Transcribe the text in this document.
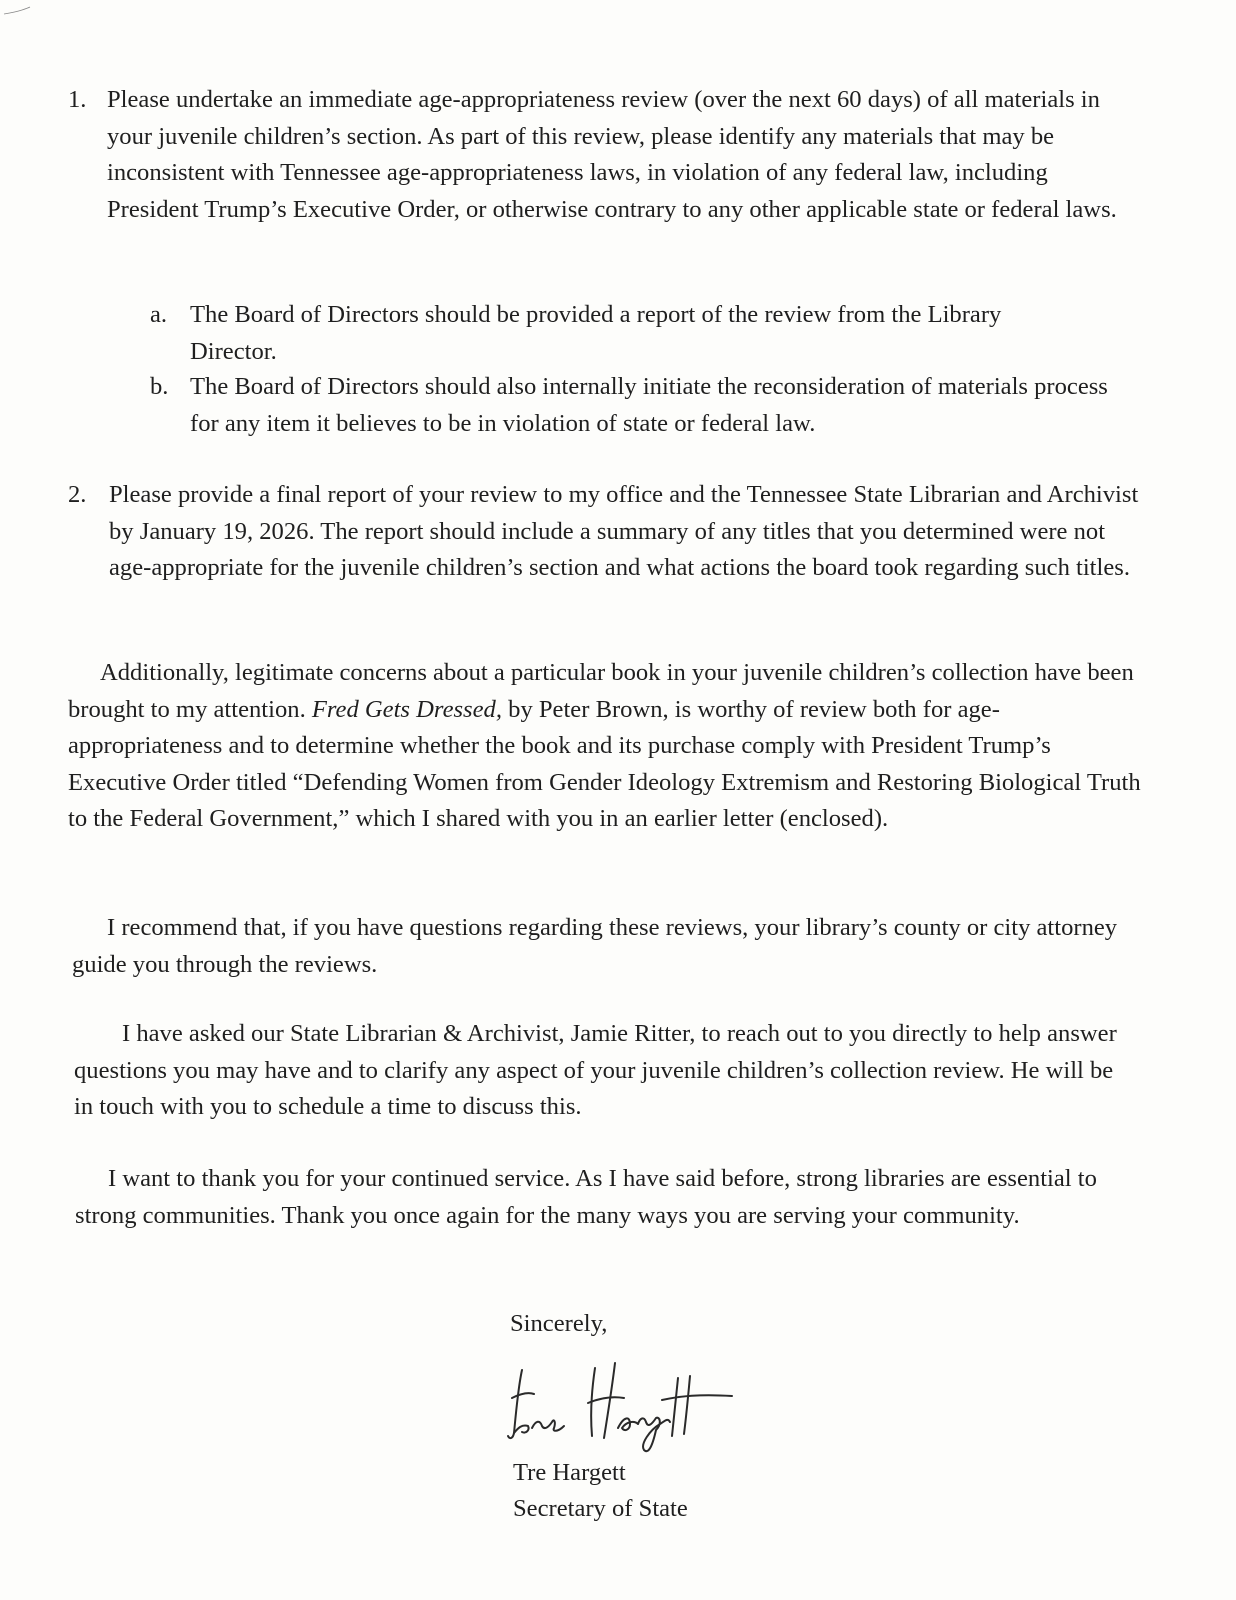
1. Please undertake an immediate age-appropriateness review (over the next 60 days) of all materials in your juvenile children’s section. As part of this review, please identify any materials that may be inconsistent with Tennessee age-appropriateness laws, in violation of any federal law, including President Trump’s Executive Order, or otherwise contrary to any other applicable state or federal laws.

a. The Board of Directors should be provided a report of the review from the Library Director.

b. The Board of Directors should also internally initiate the reconsideration of materials process for any item it believes to be in violation of state or federal law.

2. Please provide a final report of your review to my office and the Tennessee State Librarian and Archivist by January 19, 2026. The report should include a summary of any titles that you determined were not age-appropriate for the juvenile children’s section and what actions the board took regarding such titles.

Additionally, legitimate concerns about a particular book in your juvenile children’s collection have been brought to my attention. Fred Gets Dressed, by Peter Brown, is worthy of review both for age-appropriateness and to determine whether the book and its purchase comply with President Trump’s Executive Order titled “Defending Women from Gender Ideology Extremism and Restoring Biological Truth to the Federal Government,” which I shared with you in an earlier letter (enclosed).

I recommend that, if you have questions regarding these reviews, your library’s county or city attorney guide you through the reviews.

I have asked our State Librarian & Archivist, Jamie Ritter, to reach out to you directly to help answer questions you may have and to clarify any aspect of your juvenile children’s collection review. He will be in touch with you to schedule a time to discuss this.

I want to thank you for your continued service. As I have said before, strong libraries are essential to strong communities. Thank you once again for the many ways you are serving your community.

Sincerely,
Tre Hargett
Secretary of State
